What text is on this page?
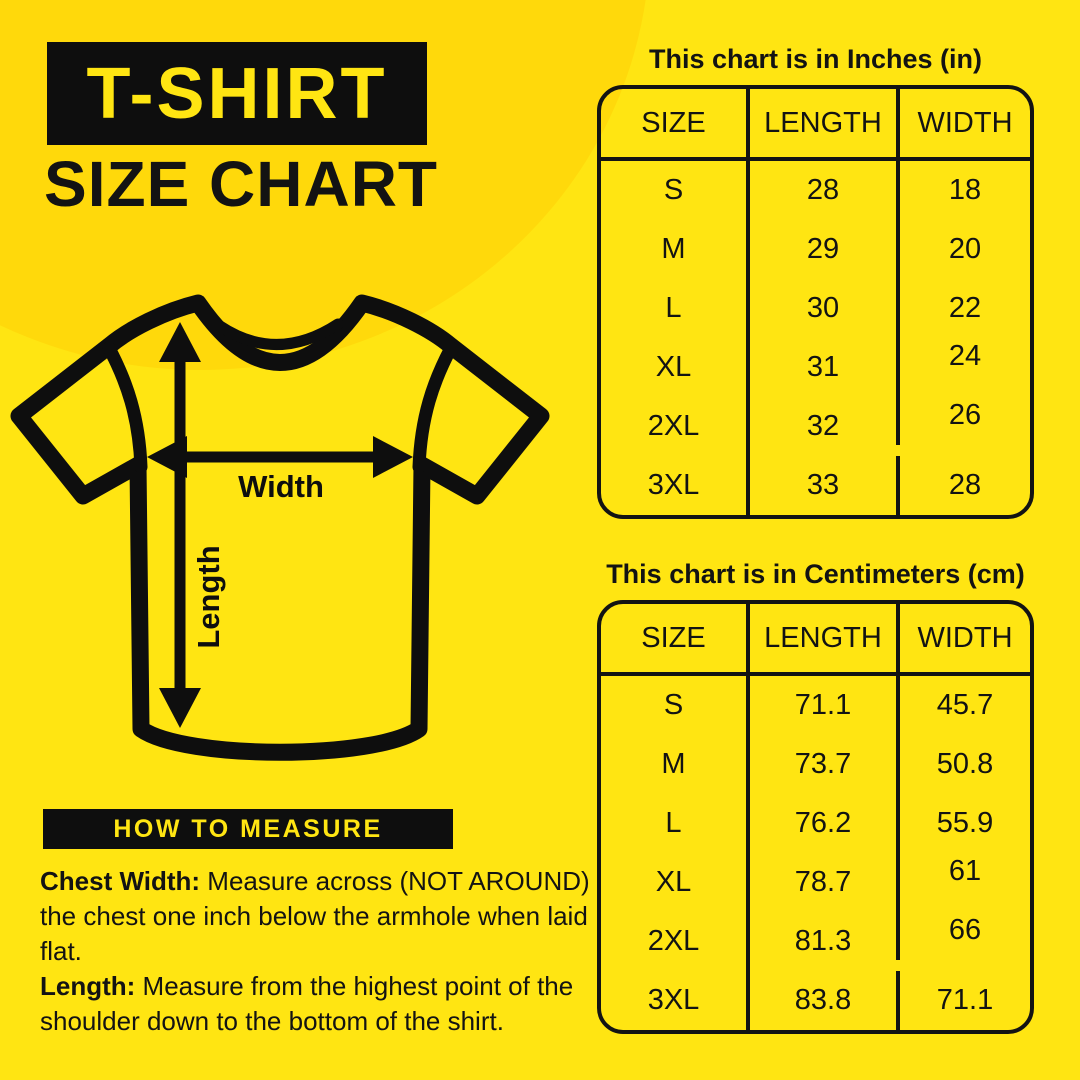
T-SHIRT
SIZE CHART
Width
Length
HOW TO MEASURE

Chest Width: Measure across (NOT AROUND) the chest one inch below the armhole when laid flat.

Length: Measure from the highest point of the shoulder down to the bottom of the shirt.

This chart is in Inches (in)
SIZE	LENGTH	WIDTH
S	28	18
M	29	20
L	30	22
XL	31	24
2XL	32	26
3XL	33	28
This chart is in Centimeters (cm)
SIZE	LENGTH	WIDTH
S	71.1	45.7
M	73.7	50.8
L	76.2	55.9
XL	78.7	61
2XL	81.3	66
3XL	83.8	71.1
